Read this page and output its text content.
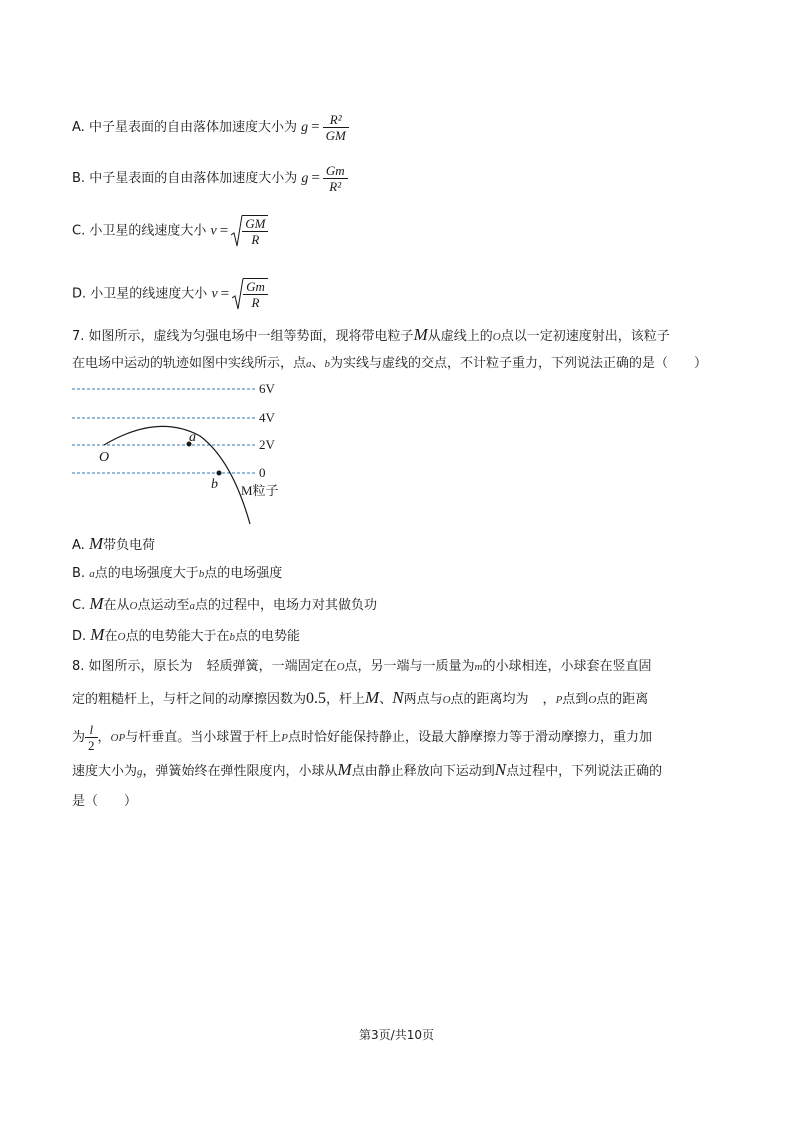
A. 中子星表面的自由落体加速度大小为 $g = \frac{\text{R²}}{GM}$
B. 中子星表面的自由落体加速度大小为 $g = \frac{Gm}{\text{R²}}$
C. 小卫星的线速度大小 $v = \frac{GM}{R}$
D. 小卫星的线速度大小 $v = \frac{Gm}{R}$
7. 如图所示，虚线为匀强电场中一组等势面，现将带电粒子M从虚线上的O点以一定初速度射出，该粒子
在电场中运动的轨迹如图中实线所示，点a、b为实线与虚线的交点，不计粒子重力，下列说法正确的是（　　）
6V
4V
2V
0
O
a
b M粒子
A. M带负电荷
B. a点的电场强度大于b点的电场强度
C. M在从O点运动至a点的过程中，电场力对其做负功
D. M在O点的电势能大于在b点的电势能
8. 如图所示，原长为 轻质弹簧，一端固定在O点，另一端与一质量为m的小球相连，小球套在竖直固
定的粗糙杆上，与杆之间的动摩擦因数为0.5，杆上M、N两点与O点的距离均为 ，P点到O点的距离
为 $\frac{l}{2}$ ，OP与杆垂直。当小球置于杆上P点时恰好能保持静止，设最大静摩擦力等于滑动摩擦力，重力加
速度大小为g，弹簧始终在弹性限度内，小球从M点由静止释放向下运动到N点过程中，下列说法正确的
是（　　）
第3页/共10页
